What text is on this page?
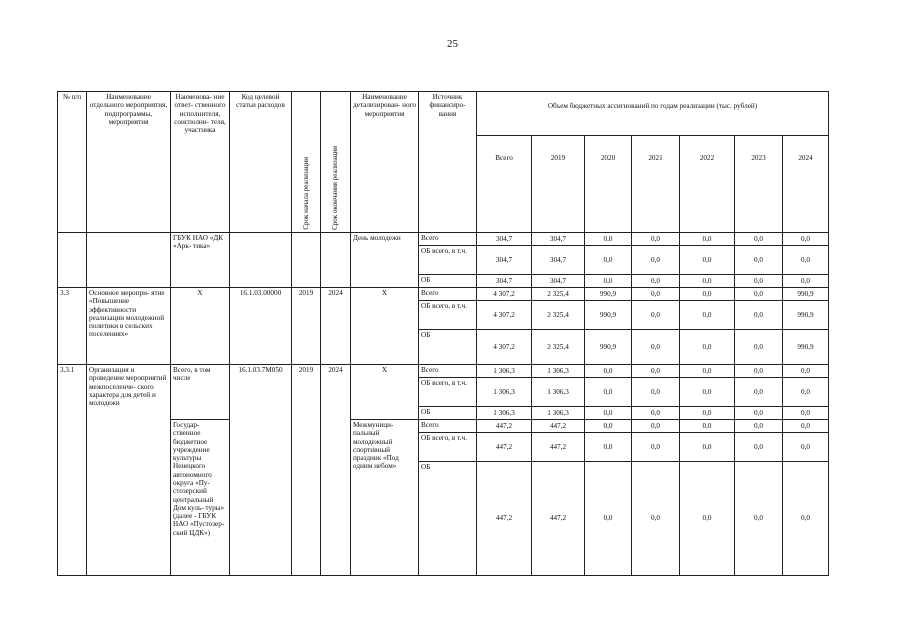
25
№ п/п	Наименование отдельного мероприятия, подпрограммы, мероприятия	Наименова- ние ответ- ственного исполнителя, соисполни- теля, участника	Код целевой статьи расходов	Срок начала реализации	Срок окончания реализации	Наименование детализирован- ного мероприятия	Источник финансиро- вания	Объем бюджетных ассигнований по годам реализации (тыс. рублей)						
								Всего	2019	2020	2021	2022	2023	2024
		ГБУК НАО «ДК «Арк- тика»				День молодежи	Всего	304,7	304,7	0,0	0,0	0,0	0,0	0,0
							ОБ всего, в т.ч.	304,7	304,7	0,0	0,0	0,0	0,0	0,0
							ОБ	304,7	304,7	0,0	0,0	0,0	0,0	0,0
3.3	Основное меропри- ятие «Повышение эффективности реализации молодежной политики в сельских поселениях»	Х	16.1.03.00000	2019	2024	Х	Всего	4 307,2	2 325,4	990,9	0,0	0,0	0,0	990,9
							ОБ всего, в т.ч.	4 307,2	2 325,4	990,9	0,0	0,0	0,0	990,9
							ОБ	4 307,2	2 325,4	990,9	0,0	0,0	0,0	990,9
3.3.1	Организация и проведение мероприятий межпоселенче- ского характера для детей и молодежи	Всего, в том числе	16.1.03.7М050	2019	2024	Х	Всего	1 306,3	1 306,3	0,0	0,0	0,0	0,0	0,0
							ОБ всего, в т.ч.	1 306,3	1 306,3	0,0	0,0	0,0	0,0	0,0
							ОБ	1 306,3	1 306,3	0,0	0,0	0,0	0,0	0,0
		Государ- ственное бюджетное учреждение культуры Ненецкого автономного округа «Пу- стозерский центральный Дом куль- туры» (далее - ГБУК НАО «Пустозер- ский ЦДК»)				Межмуници- пальный молодежный спортивный праздник «Под одним небом»	Всего	447,2	447,2	0,0	0,0	0,0	0,0	0,0
							ОБ всего, в т.ч.	447,2	447,2	0,0	0,0	0,0	0,0	0,0
							ОБ	447,2	447,2	0,0	0,0	0,0	0,0	0,0
